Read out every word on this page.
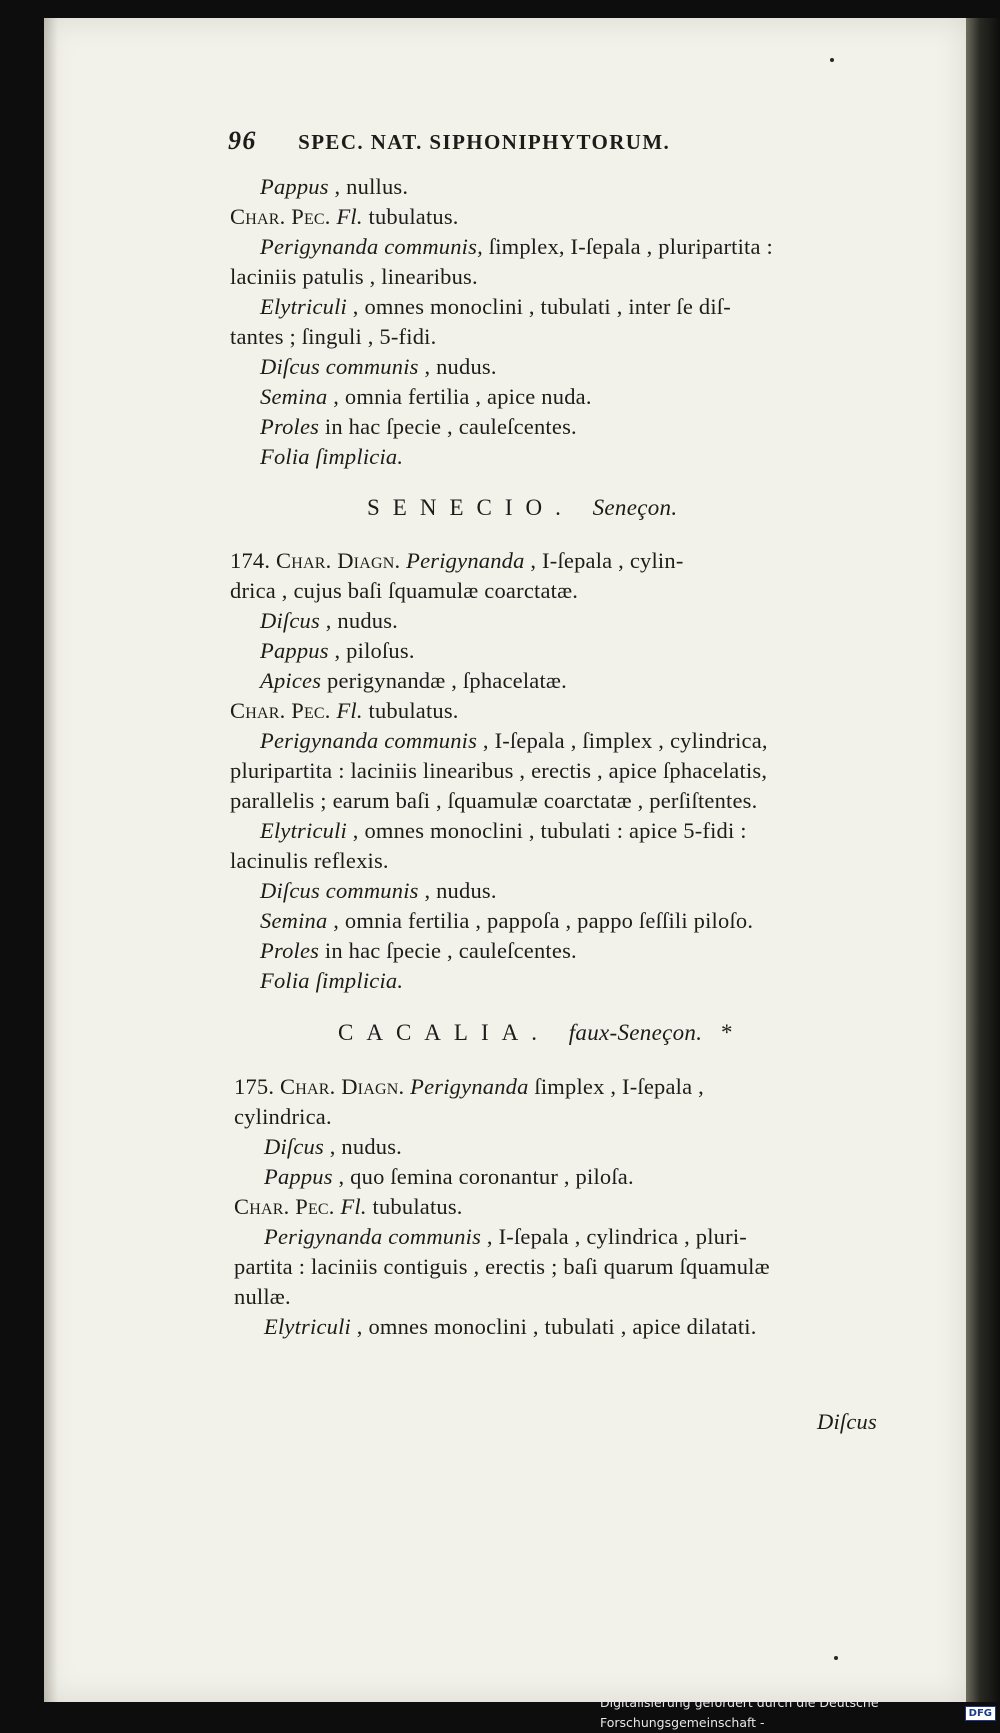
96 SPEC. NAT. SIPHONIPHYTORUM.
Pappus , nullus.
Char. Pec. Fl. tubulatus.
Perigynanda communis, ſimplex, I-ſepala , pluripartita :
laciniis patulis , linearibus.
Elytriculi , omnes monoclini , tubulati , inter ſe diſ-
tantes ; ſinguli , 5-fidi.
Diſcus communis , nudus.
Semina , omnia fertilia , apice nuda.
Proles in hac ſpecie , cauleſcentes.
Folia ſimplicia.
SENECIO. Seneçon.
174. Char. Diagn. Perigynanda , I-ſepala , cylin-
drica , cujus baſi ſquamulæ coarctatæ.
Diſcus , nudus.
Pappus , piloſus.
Apices perigynandæ , ſphacelatæ.
Char. Pec. Fl. tubulatus.
Perigynanda communis , I-ſepala , ſimplex , cylindrica,
pluripartita : laciniis linearibus , erectis , apice ſphacelatis,
parallelis ; earum baſi , ſquamulæ coarctatæ , perſiſtentes.
Elytriculi , omnes monoclini , tubulati : apice 5-fidi :
lacinulis reflexis.
Diſcus communis , nudus.
Semina , omnia fertilia , pappoſa , pappo ſeſſili piloſo.
Proles in hac ſpecie , cauleſcentes.
Folia ſimplicia.
CACALIA. faux-Seneçon. *
175. Char. Diagn. Perigynanda ſimplex , I-ſepala ,
cylindrica.
Diſcus , nudus.
Pappus , quo ſemina coronantur , piloſa.
Char. Pec. Fl. tubulatus.
Perigynanda communis , I-ſepala , cylindrica , pluri-
partita : laciniis contiguis , erectis ; baſi quarum ſquamulæ
nullæ.
Elytriculi , omnes monoclini , tubulati , apice dilatati.
Diſcus
Digitalisierung gefördert durch die Deutsche Forschungsgemeinschaft -
DFG
